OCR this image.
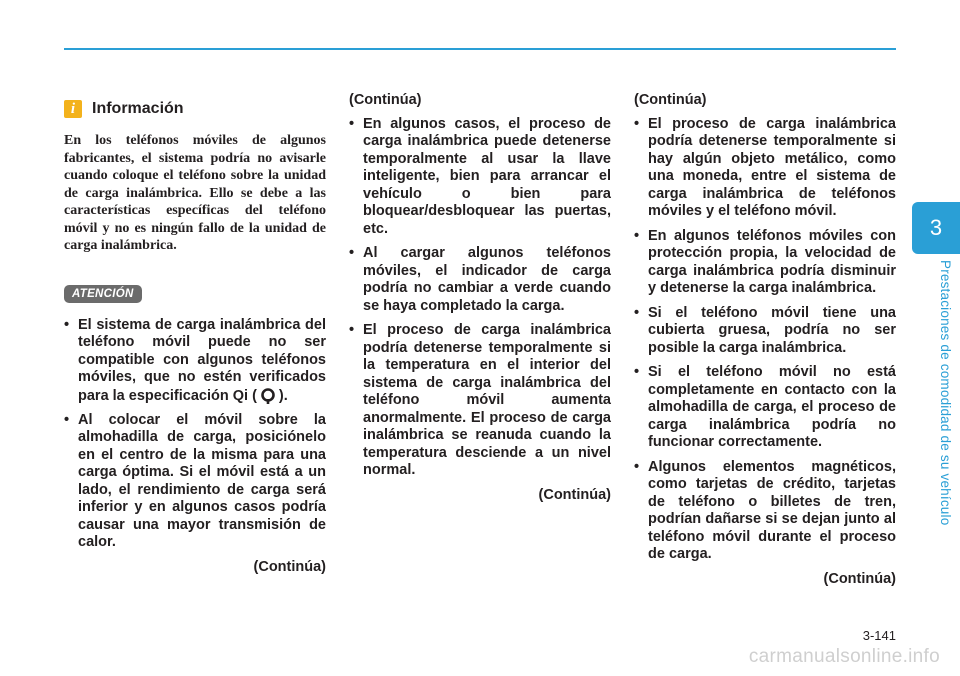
3
Prestaciones de comodidad de su vehículo
i	Información

En los teléfonos móviles de algunos fabricantes, el sistema podría no avisarle cuando coloque el teléfono sobre la unidad de carga inalámbrica. Ello se debe a las características específicas del teléfono móvil y no es ningún fallo de la unidad de carga inalámbrica.

ATENCIÓN
• El sistema de carga inalámbrica del teléfono móvil puede no ser compatible con algunos teléfonos móviles, que no estén verificados para la especificación Qi ( ).
• Al colocar el móvil sobre la almohadilla de carga, posiciónelo en el centro de la misma para una carga óptima. Si el móvil está a un lado, el rendimiento de carga será inferior y en algunos casos podría causar una mayor transmisión de calor.
(Continúa)
(Continúa)
• En algunos casos, el proceso de carga inalámbrica puede detenerse temporalmente al usar la llave inteligente, bien para arrancar el vehículo o bien para bloquear/desbloquear las puertas, etc.
• Al cargar algunos teléfonos móviles, el indicador de carga podría no cambiar a verde cuando se haya completado la carga.
• El proceso de carga inalámbrica podría detenerse temporalmente si la temperatura en el interior del sistema de carga inalámbrica del teléfono móvil aumenta anormalmente. El proceso de carga inalámbrica se reanuda cuando la temperatura desciende a un nivel normal.
(Continúa)
(Continúa)
• El proceso de carga inalámbrica podría detenerse temporalmente si hay algún objeto metálico, como una moneda, entre el sistema de carga inalámbrica de teléfonos móviles y el teléfono móvil.
• En algunos teléfonos móviles con protección propia, la velocidad de carga inalámbrica podría disminuir y detenerse la carga inalámbrica.
• Si el teléfono móvil tiene una cubierta gruesa, podría no ser posible la carga inalámbrica.
• Si el teléfono móvil no está completamente en contacto con la almohadilla de carga, el proceso de carga inalámbrica podría no funcionar correctamente.
• Algunos elementos magnéticos, como tarjetas de crédito, tarjetas de teléfono o billetes de tren, podrían dañarse si se dejan junto al teléfono móvil durante el proceso de carga.
(Continúa)
3-141
carmanualsonline.info
